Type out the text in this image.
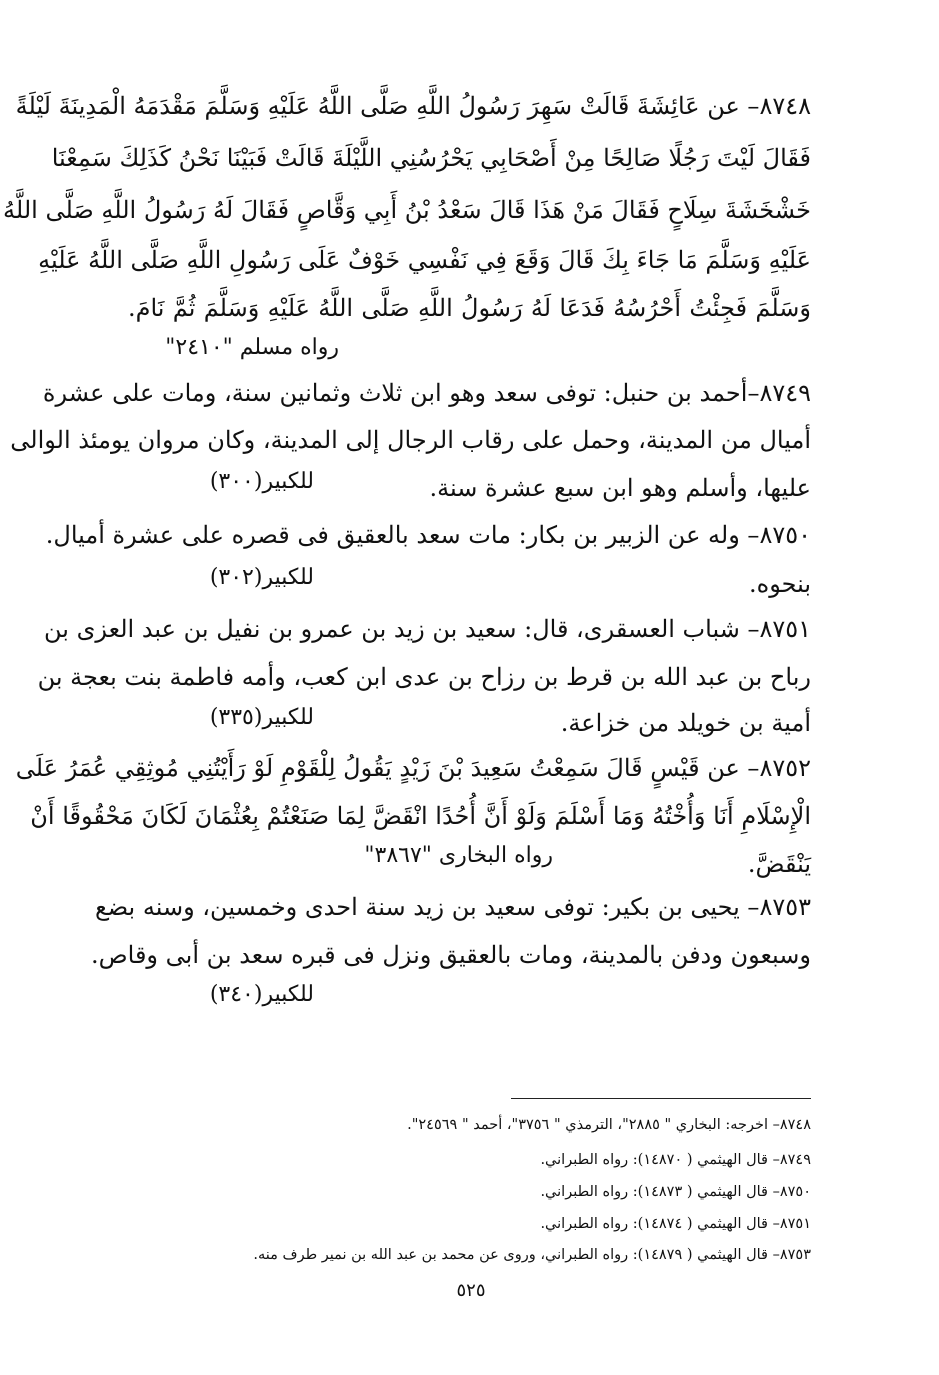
٨٧٤٨– عن عَائِشَةَ قَالَتْ سَهِرَ رَسُولُ اللَّهِ صَلَّى اللَّهُ عَلَيْهِ وَسَلَّمَ مَقْدَمَهُ الْمَدِينَةَ لَيْلَةً
فَقَالَ لَيْتَ رَجُلًا صَالِحًا مِنْ أَصْحَابِي يَحْرُسُنِي اللَّيْلَةَ قَالَتْ فَبَيْنَا نَحْنُ كَذَلِكَ سَمِعْنَا
خَشْخَشَةَ سِلَاحٍ فَقَالَ مَنْ هَذَا قَالَ سَعْدُ بْنُ أَبِي وَقَّاصٍ فَقَالَ لَهُ رَسُولُ اللَّهِ صَلَّى اللَّهُ
عَلَيْهِ وَسَلَّمَ مَا جَاءَ بِكَ قَالَ وَقَعَ فِي نَفْسِي خَوْفٌ عَلَى رَسُولِ اللَّهِ صَلَّى اللَّهُ عَلَيْهِ
وَسَلَّمَ فَجِئْتُ أَحْرُسُهُ فَدَعَا لَهُ رَسُولُ اللَّهِ صَلَّى اللَّهُ عَلَيْهِ وَسَلَّمَ ثُمَّ نَامَ.
رواه مسلم "٢٤١٠"
٨٧٤٩–أحمد بن حنبل: توفى سعد وهو ابن ثلاث وثمانين سنة، ومات على عشرة
أميال من المدينة، وحمل على رقاب الرجال إلى المدينة، وكان مروان يومئذ الوالى
عليها، وأسلم وهو ابن سبع عشرة سنة.
للكبير(٣٠٠)
٨٧٥٠– وله عن الزبير بن بكار: مات سعد بالعقيق فى قصره على عشرة أميال.
بنحوه.
للكبير(٣٠٢)
٨٧٥١– شباب العسقرى، قال: سعيد بن زيد بن عمرو بن نفيل بن عبد العزى بن
رباح بن عبد الله بن قرط بن رزاح بن عدى ابن كعب، وأمه فاطمة بنت بعجة بن
أمية بن خويلد من خزاعة.
للكبير(٣٣٥)
٨٧٥٢– عن قَيْسٍ قَالَ سَمِعْتُ سَعِيدَ بْنَ زَيْدٍ يَقُولُ لِلْقَوْمِ لَوْ رَأَيْتُنِي مُوثِقِي عُمَرُ عَلَى
الْإِسْلَامِ أَنَا وَأُخْتُهُ وَمَا أَسْلَمَ وَلَوْ أَنَّ أُحُدًا انْقَضَّ لِمَا صَنَعْتُمْ بِعُثْمَانَ لَكَانَ مَحْقُوقًا أَنْ
يَنْقَضَّ.
رواه البخارى "٣٨٦٧"
٨٧٥٣– يحيى بن بكير: توفى سعيد بن زيد سنة احدى وخمسين، وسنه بضع
وسبعون ودفن بالمدينة، ومات بالعقيق ونزل فى قبره سعد بن أبى وقاص.
للكبير(٣٤٠)
٨٧٤٨– اخرجه: البخاري " ٢٨٨٥"، الترمذي " ٣٧٥٦"، أحمد " ٢٤٥٦٩".
٨٧٤٩– قال الهيثمي ( ١٤٨٧٠): رواه الطبراني.
٨٧٥٠– قال الهيثمي ( ١٤٨٧٣): رواه الطبراني.
٨٧٥١– قال الهيثمي ( ١٤٨٧٤): رواه الطبراني.
٨٧٥٣– قال الهيثمي ( ١٤٨٧٩): رواه الطبراني، وروى عن محمد بن عبد الله بن نمير طرف منه.
٥٢٥
